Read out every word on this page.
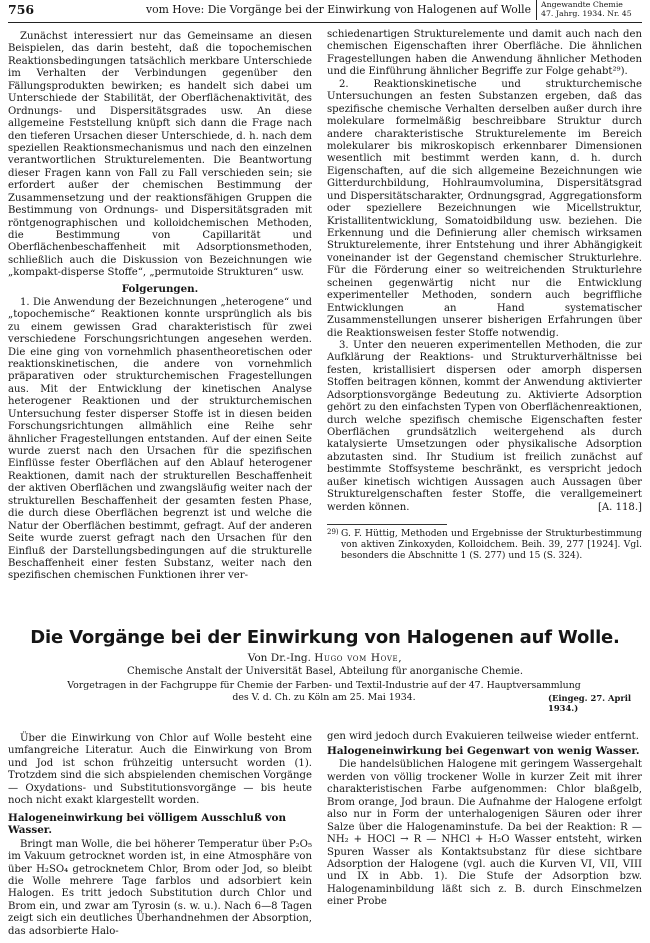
756	vom Hove: Die Vorgänge bei der Einwirkung von Halogenen auf Wolle Angewandte Chemie
47. Jahrg. 1934. Nr. 45

Zunächst interessiert nur das Gemeinsame an diesen Beispielen, das darin besteht, daß die topochemischen Reaktionsbedingungen tatsächlich merkbare Unterschiede im Verhalten der Verbindungen gegenüber den Fällungsprodukten bewirken; es handelt sich dabei um Unterschiede der Stabilität, der Oberflächenaktivität, des Ordnungs- und Dispersitätsgrades usw. An diese allgemeine Feststellung knüpft sich dann die Frage nach den tieferen Ursachen dieser Unterschiede, d. h. nach dem speziellen Reaktionsmechanismus und nach den einzelnen verantwortlichen Strukturelementen. Die Beantwortung dieser Fragen kann von Fall zu Fall verschieden sein; sie erfordert außer der chemischen Bestimmung der Zusammensetzung und der reaktionsfähigen Gruppen die Bestimmung von Ordnungs- und Dispersitätsgraden mit röntgenographischen und kolloidchemischen Methoden, die Bestimmung von Capillarität und Oberflächenbeschaffenheit mit Adsorptionsmethoden, schließlich auch die Diskussion von Bezeichnungen wie „kompakt-disperse Stoffe“, „permutoide Strukturen“ usw.

Folgerungen.

1. Die Anwendung der Bezeichnungen „heterogene“ und „topochemische“ Reaktionen konnte ursprünglich als bis zu einem gewissen Grad charakteristisch für zwei verschiedene Forschungsrichtungen angesehen werden. Die eine ging von vornehmlich phasentheoretischen oder reaktionskinetischen, die andere von vornehmlich präparativen oder strukturchemischen Fragestellungen aus. Mit der Entwicklung der kinetischen Analyse heterogener Reaktionen und der strukturchemischen Untersuchung fester disperser Stoffe ist in diesen beiden Forschungsrichtungen allmählich eine Reihe sehr ähnlicher Fragestellungen entstanden. Auf der einen Seite wurde zuerst nach den Ursachen für die spezifischen Einflüsse fester Oberflächen auf den Ablauf heterogener Reaktionen, damit nach der strukturellen Beschaffenheit der aktiven Oberflächen und zwangsläufig weiter nach der strukturellen Beschaffenheit der gesamten festen Phase, die durch diese Oberflächen begrenzt ist und welche die Natur der Oberflächen bestimmt, gefragt. Auf der anderen Seite wurde zuerst gefragt nach den Ursachen für den Einfluß der Darstellungsbedingungen auf die strukturelle Beschaffenheit einer festen Substanz, weiter nach den spezifischen chemischen Funktionen ihrer ver-

schiedenartigen Strukturelemente und damit auch nach den chemischen Eigenschaften ihrer Oberfläche. Die ähnlichen Fragestellungen haben die Anwendung ähnlicher Methoden und die Einführung ähnlicher Begriffe zur Folge gehabt²⁹).

2. Reaktionskinetische und strukturchemische Untersuchungen an festen Substanzen ergeben, daß das spezifische chemische Verhalten derselben außer durch ihre molekulare formelmäßig beschreibbare Struktur durch andere charakteristische Strukturelemente im Bereich molekularer bis mikroskopisch erkennbarer Dimensionen wesentlich mit bestimmt werden kann, d. h. durch Eigenschaften, auf die sich allgemeine Bezeichnungen wie Gitterdurchbildung, Hohlraumvolumina, Dispersitätsgrad und Dispersitätscharakter, Ordnungsgrad, Aggregationsform oder speziellere Bezeichnungen wie Micellstruktur, Kristallitentwicklung, Somatoidbildung usw. beziehen. Die Erkennung und die Definierung aller chemisch wirksamen Strukturelemente, ihrer Entstehung und ihrer Abhängigkeit voneinander ist der Gegenstand chemischer Strukturlehre. Für die Förderung einer so weitreichenden Strukturlehre scheinen gegenwärtig nicht nur die Entwicklung experimenteller Methoden, sondern auch begriffliche Entwicklungen an Hand systematischer Zusammenstellungen unserer bisherigen Erfahrungen über die Reaktionsweisen fester Stoffe notwendig.

3. Unter den neueren experimentellen Methoden, die zur Aufklärung der Reaktions- und Strukturverhältnisse bei festen, kristallisiert dispersen oder amorph dispersen Stoffen beitragen können, kommt der Anwendung aktivierter Adsorptionsvorgänge Bedeutung zu. Aktivierte Adsorption gehört zu den einfachsten Typen von Oberflächenreaktionen, durch welche spezifisch chemische Eigenschaften fester Oberflächen grundsätzlich weitergehend als durch katalysierte Umsetzungen oder physikalische Adsorption abzutasten sind. Ihr Studium ist freilich zunächst auf bestimmte Stoffsysteme beschränkt, es verspricht jedoch außer kinetisch wichtigen Aussagen auch Aussagen über Strukturelgenschaften fester Stoffe, die verallgemeinert werden können.	[A. 118.]

29) G. F. Hüttig, Methoden und Ergebnisse der Strukturbestimmung von aktiven Zinkoxyden, Kolloidchem. Beih. 39, 277 [1924]. Vgl. besonders die Abschnitte 1 (S. 277) und 15 (S. 324).

Die Vorgänge bei der Einwirkung von Halogenen auf Wolle.
Von Dr.-Ing. Hugo vom Hove,
Chemische Anstalt der Universität Basel, Abteilung für anorganische Chemie.
Vorgetragen in der Fachgruppe für Chemie der Farben- und Textil-Industrie auf der 47. Hauptversammlung des V. d. Ch. zu Köln am 25. Mai 1934.	(Eingeg. 27. April 1934.)

Über die Einwirkung von Chlor auf Wolle besteht eine umfangreiche Literatur. Auch die Einwirkung von Brom und Jod ist schon frühzeitig untersucht worden (1). Trotzdem sind die sich abspielenden chemischen Vorgänge — Oxydations- und Substitutionsvorgänge — bis heute noch nicht exakt klargestellt worden.

Halogeneinwirkung bei völligem Ausschluß von Wasser.

Bringt man Wolle, die bei höherer Temperatur über P₂O₅ im Vakuum getrocknet worden ist, in eine Atmosphäre von über H₂SO₄ getrocknetem Chlor, Brom oder Jod, so bleibt die Wolle mehrere Tage farblos und adsorbiert kein Halogen. Es tritt jedoch Substitution durch Chlor und Brom ein, und zwar am Tyrosin (s. w. u.). Nach 6—8 Tagen zeigt sich ein deutliches Überhandnehmen der Absorption, das adsorbierte Halo-

gen wird jedoch durch Evakuieren teilweise wieder entfernt.

Halogeneinwirkung bei Gegenwart von wenig Wasser.

Die handelsüblichen Halogene mit geringem Wassergehalt werden von völlig trockener Wolle in kurzer Zeit mit ihrer charakteristischen Farbe aufgenommen: Chlor blaßgelb, Brom orange, Jod braun. Die Aufnahme der Halogene erfolgt also nur in Form der unterhalogenigen Säuren oder ihrer Salze über die Halogenaminstufe. Da bei der Reaktion: R — NH₂ + HOCl → R — NHCl + H₂O Wasser entsteht, wirken Spuren Wasser als Kontaktsubstanz für diese sichtbare Adsorption der Halogene (vgl. auch die Kurven VI, VII, VIII und IX in Abb. 1). Die Stufe der Adsorption bzw. Halogenaminbildung läßt sich z. B. durch Einschmelzen einer Probe
